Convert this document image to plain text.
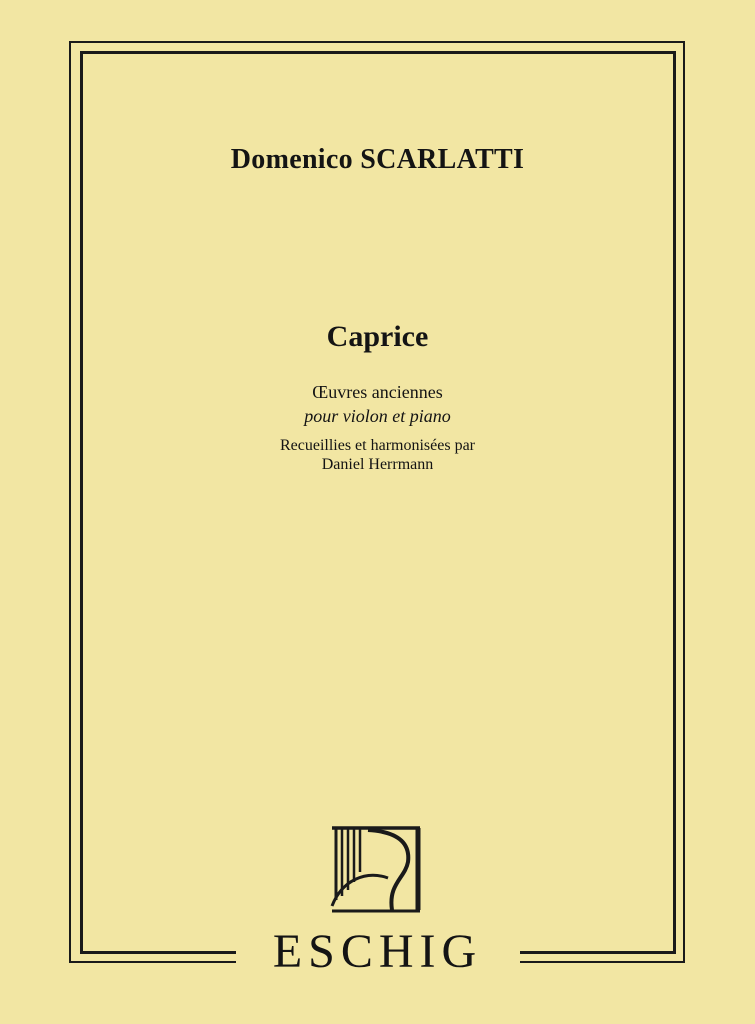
Domenico SCARLATTI
Caprice
Œuvres anciennes
pour violon et piano
Recueillies et harmonisées par
Daniel Herrmann
ESCHIG
